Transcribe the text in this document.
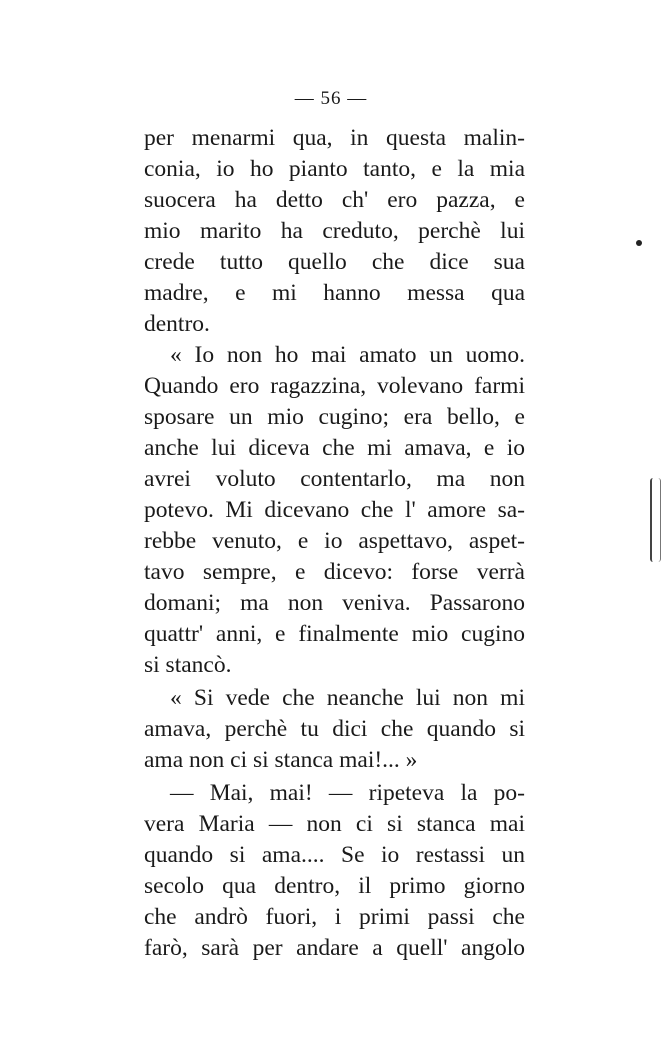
— 56 —
per menarmi qua, in questa malin-
conia, io ho pianto tanto, e la mia
suocera ha detto ch' ero pazza, e
mio marito ha creduto, perchè lui
crede tutto quello che dice sua
madre, e mi hanno messa qua
dentro.
« Io non ho mai amato un uomo.
Quando ero ragazzina, volevano farmi
sposare un mio cugino; era bello, e
anche lui diceva che mi amava, e io
avrei voluto contentarlo, ma non
potevo. Mi dicevano che l' amore sa-
rebbe venuto, e io aspettavo, aspet-
tavo sempre, e dicevo: forse verrà
domani; ma non veniva. Passarono
quattr' anni, e finalmente mio cugino
si stancò.
« Si vede che neanche lui non mi
amava, perchè tu dici che quando si
ama non ci si stanca mai!... »
— Mai, mai! — ripeteva la po-
vera Maria — non ci si stanca mai
quando si ama.... Se io restassi un
secolo qua dentro, il primo giorno
che andrò fuori, i primi passi che
farò, sarà per andare a quell' angolo
